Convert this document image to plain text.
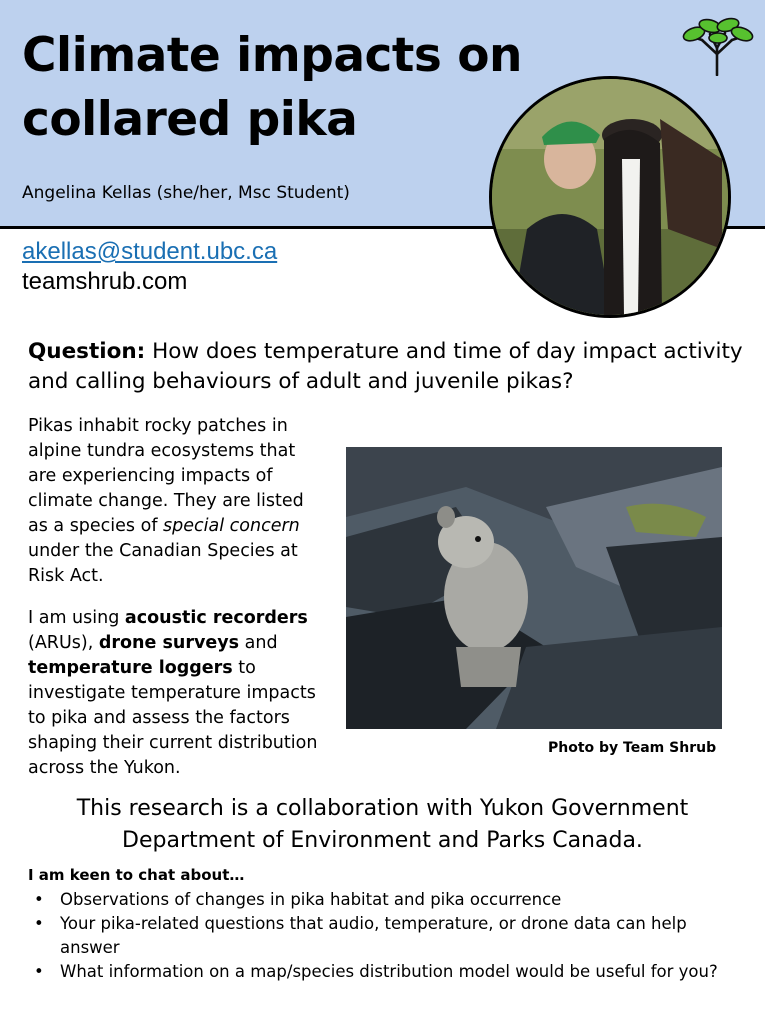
Climate impacts on
collared pika

Angelina Kellas (she/her, Msc Student)

akellas@student.ubc.ca
teamshrub.com

Question: How does temperature and time of day impact activity and calling behaviours of adult and juvenile pikas?

Pikas inhabit rocky patches in alpine tundra ecosystems that are experiencing impacts of climate change. They are listed as a species of special concern under the Canadian Species at Risk Act.

I am using acoustic recorders (ARUs), drone surveys and temperature loggers to investigate temperature impacts to pika and assess the factors shaping their current distribution across the Yukon.

Photo by Team Shrub

This research is a collaboration with Yukon Government Department of Environment and Parks Canada.

I am keen to chat about…

• Observations of changes in pika habitat and pika occurrence
• Your pika-related questions that audio, temperature, or drone data can help answer
• What information on a map/species distribution model would be useful for you?
